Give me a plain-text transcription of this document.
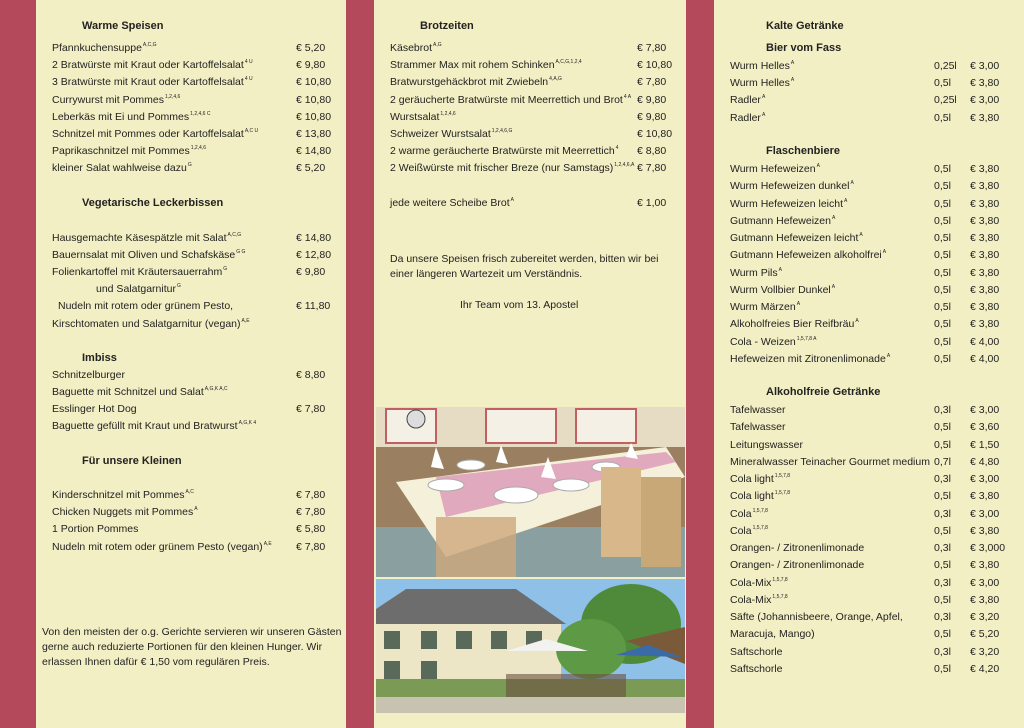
Warme Speisen
Pfannkuchensuppe$^{A,C,G}$	€ 5,20
2 Bratwürste mit Kraut oder Kartoffelsalat$^{4 U}$	€ 9,80
3 Bratwürste mit Kraut oder Kartoffelsalat$^{4 U}$	€ 10,80
Currywurst mit Pommes$^{1,2,4,6}$	€ 10,80
Leberkäs mit Ei und Pommes$^{1,2,4,6 C}$	€ 10,80
Schnitzel mit Pommes oder Kartoffelsalat$^{A,C U}$	€ 13,80
Paprikaschnitzel mit Pommes$^{1,2,4,6}$	€ 14,80
kleiner Salat wahlweise dazu$^G$	€ 5,20
Vegetarische Leckerbissen
Hausgemachte Käsespätzle mit Salat$^{A,C,G}$	€ 14,80
Bauernsalat mit Oliven und Schafskäse$^{G G}$	€ 12,80
Folienkartoffel mit Kräutersauerrahm$^G$	€ 9,80
und Salatgarnitur$^G$
Nudeln mit rotem oder grünem Pesto,	€ 11,80
Kirschtomaten und Salatgarnitur (vegan)$^{A,E}$
Imbiss
Schnitzelburger	€ 8,80
Baguette mit Schnitzel und Salat$^{A,G,K A,C}$
Esslinger Hot Dog	€ 7,80
Baguette gefüllt mit Kraut und Bratwurst$^{A,G,K 4}$
Für unsere Kleinen
Kinderschnitzel mit Pommes$^{A,C}$	€ 7,80
Chicken Nuggets mit Pommes$^A$	€ 7,80
1 Portion Pommes	€ 5,80
Nudeln mit rotem oder grünem Pesto (vegan)$^{A,E}$ € 7,80
Von den meisten der o.g. Gerichte servieren wir unseren Gästen gerne auch reduzierte Portionen für den kleinen Hunger. Wir erlassen Ihnen dafür € 1,50 vom regulären Preis.
Brotzeiten
Käsebrot$^{A,G}$	€ 7,80
Strammer Max mit rohem Schinken$^{A,C,G,1,2,4}$	€ 10,80
Bratwurstgehäckbrot mit Zwiebeln$^{4,A,G}$	€ 7,80
2 geräucherte Bratwürste mit Meerrettich und Brot$^{4 A}$ € 9,80
Wurstsalat$^{1,2,4,6}$	€ 9,80
Schweizer Wurstsalat$^{1,2,4,6,G}$	€ 10,80
2 warme geräucherte Bratwürste mit Meerrettich$^4$ € 8,80
2 Weißwürste mit frischer Breze (nur Samstags)$^{1,2,4,6,A}$ € 7,80
jede weitere Scheibe Brot$^A$	€ 1,00
Da unsere Speisen frisch zubereitet werden, bitten wir bei einer längeren Wartezeit um Verständnis.
Ihr Team vom 13. Apostel
Kalte Getränke
Bier vom Fass
Wurm Helles$^A$	0,25l € 3,00
Wurm Helles$^A$	0,5l € 3,80
Radler$^A$	0,25l € 3,00
Radler$^A$	0,5l € 3,80
Flaschenbiere
Wurm Hefeweizen$^A$	0,5l € 3,80
Wurm Hefeweizen dunkel$^A$	0,5l € 3,80
Wurm Hefeweizen leicht$^A$	0,5l € 3,80
Gutmann Hefeweizen$^A$	0,5l € 3,80
Gutmann Hefeweizen leicht$^A$	0,5l € 3,80
Gutmann Hefeweizen alkoholfrei$^A$	0,5l € 3,80
Wurm Pils$^A$	0,5l € 3,80
Wurm Vollbier Dunkel$^A$	0,5l € 3,80
Wurm Märzen$^A$	0,5l € 3,80
Alkoholfreies Bier Reifbräu$^A$	0,5l € 3,80
Cola - Weizen$^{1,5,7,8 A}$	0,5l € 4,00
Hefeweizen mit Zitronenlimonade$^A$	0,5l € 4,00
Alkoholfreie Getränke
Tafelwasser	0,3l € 3,00
Tafelwasser	0,5l € 3,60
Leitungswasser	0,5l € 1,50
Mineralwasser Teinacher Gourmet medium 0,7l € 4,80
Cola light$^{1,5,7,8}$	0,3l € 3,00
Cola light$^{1,5,7,8}$	0,5l € 3,80
Cola$^{1,5,7,8}$	0,3l € 3,00
Cola$^{1,5,7,8}$	0,5l € 3,80
Orangen- / Zitronenlimonade	0,3l € 3,000
Orangen- / Zitronenlimonade	0,5l € 3,80
Cola-Mix$^{1,5,7,8}$	0,3l € 3,00
Cola-Mix$^{1,5,7,8}$	0,5l € 3,80
Säfte (Johannisbeere, Orange, Apfel,	0,3l € 3,20
Maracuja, Mango)	0,5l € 5,20
Saftschorle	0,3l € 3,20
Saftschorle	0,5l € 4,20
